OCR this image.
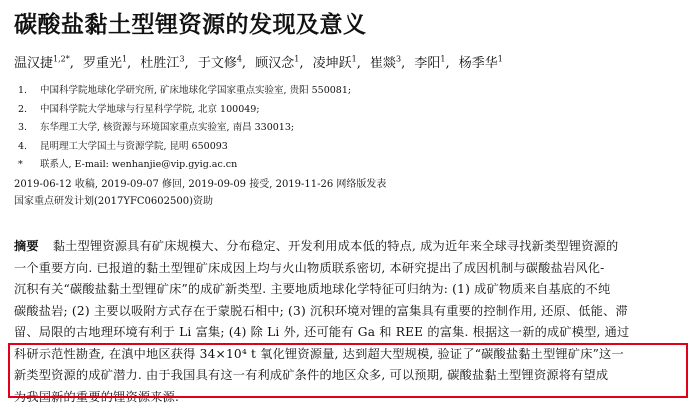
碳酸盐黏土型锂资源的发现及意义
温汉捷$^{1,2*}$, 罗重光$^1$, 杜胜江$^3$, 于文修$^4$, 顾汉念$^1$, 凌坤跃$^1$, 崔燚$^3$, 李阳$^1$, 杨季华$^1$
1.	中国科学院地球化学研究所, 矿床地球化学国家重点实验室, 贵阳 550081;
2.	中国科学院大学地球与行星科学学院, 北京 100049;
3.	东华理工大学, 核资源与环境国家重点实验室, 南昌 330013;
4.	昆明理工大学国土与资源学院, 昆明 650093
*	联系人, E-mail: wenhanjie@vip.gyig.ac.cn
2019-06-12 收稿, 2019-09-07 修回, 2019-09-09 接受, 2019-11-26 网络版发表
国家重点研发计划(2017YFC0602500)资助
摘要 黏土型锂资源具有矿床规模大、分布稳定、开发利用成本低的特点, 成为近年来全球寻找新类型锂资源的
一个重要方向. 已报道的黏土型锂矿床成因上均与火山物质联系密切, 本研究提出了成因机制与碳酸盐岩风化-
沉积有关“碳酸盐黏土型锂矿床”的成矿新类型. 主要地质地球化学特征可归纳为: (1) 成矿物质来自基底的不纯
碳酸盐岩; (2) 主要以吸附方式存在于蒙脱石相中; (3) 沉积环境对锂的富集具有重要的控制作用, 还原、低能、滞
留、局限的古地理环境有利于 Li 富集; (4) 除 Li 外, 还可能有 Ga 和 REE 的富集. 根据这一新的成矿模型, 通过
科研示范性勘查, 在滇中地区获得 34×10⁴ t 氧化锂资源量, 达到超大型规模, 验证了“碳酸盐黏土型锂矿床”这一
新类型资源的成矿潜力. 由于我国具有这一有利成矿条件的地区众多, 可以预期, 碳酸盐黏土型锂资源将有望成
为我国新的重要的锂资源来源.
